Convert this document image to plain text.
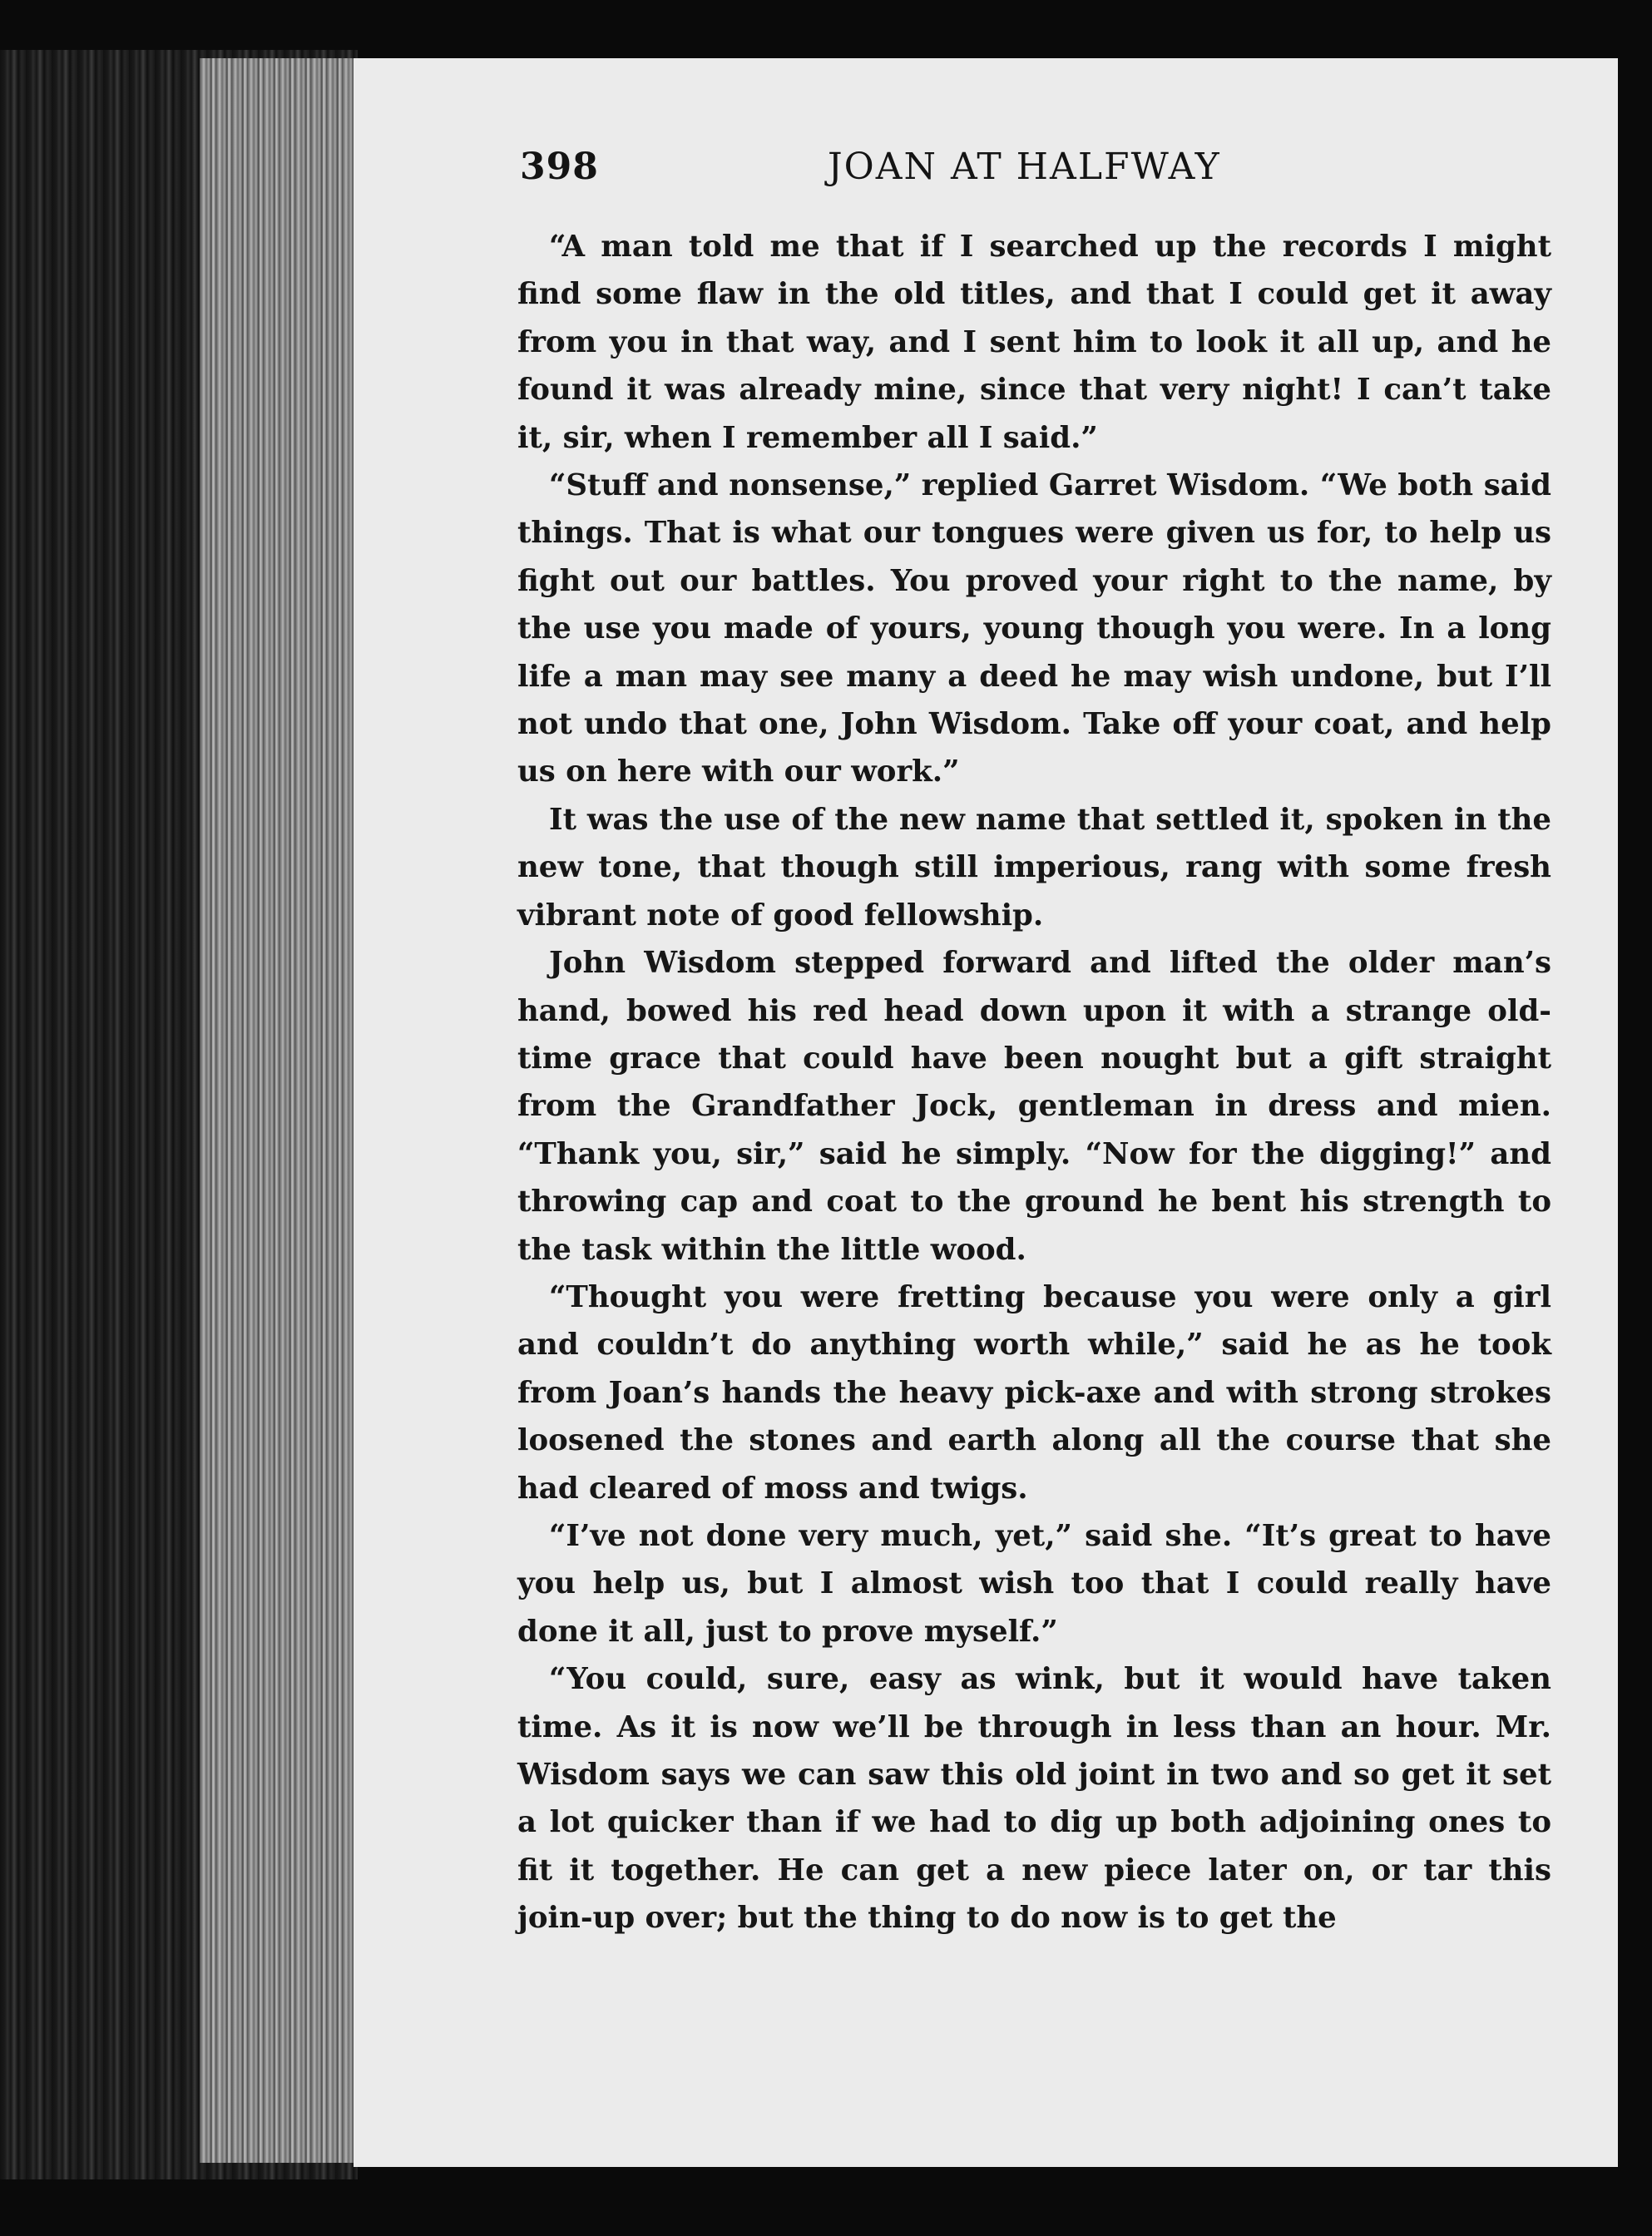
398	JOAN AT HALFWAY

“A man told me that if I searched up the records I might find some flaw in the old titles, and that I could get it away from you in that way, and I sent him to look it all up, and he found it was already mine, since that very night! I can’t take it, sir, when I remember all I said.”

“Stuff and nonsense,” replied Garret Wisdom. “We both said things. That is what our tongues were given us for, to help us fight out our battles. You proved your right to the name, by the use you made of yours, young though you were. In a long life a man may see many a deed he may wish undone, but I’ll not undo that one, John Wisdom. Take off your coat, and help us on here with our work.”

It was the use of the new name that settled it, spoken in the new tone, that though still imperious, rang with some fresh vibrant note of good fellowship.

John Wisdom stepped forward and lifted the older man’s hand, bowed his red head down upon it with a strange old-time grace that could have been nought but a gift straight from the Grandfather Jock, gentleman in dress and mien. “Thank you, sir,” said he simply. “Now for the digging!” and throwing cap and coat to the ground he bent his strength to the task within the little wood.

“Thought you were fretting because you were only a girl and couldn’t do anything worth while,” said he as he took from Joan’s hands the heavy pick-axe and with strong strokes loosened the stones and earth along all the course that she had cleared of moss and twigs.

“I’ve not done very much, yet,” said she. “It’s great to have you help us, but I almost wish too that I could really have done it all, just to prove myself.”

“You could, sure, easy as wink, but it would have taken time. As it is now we’ll be through in less than an hour. Mr. Wisdom says we can saw this old joint in two and so get it set a lot quicker than if we had to dig up both adjoining ones to fit it together. He can get a new piece later on, or tar this join-up over; but the thing to do now is to get the
